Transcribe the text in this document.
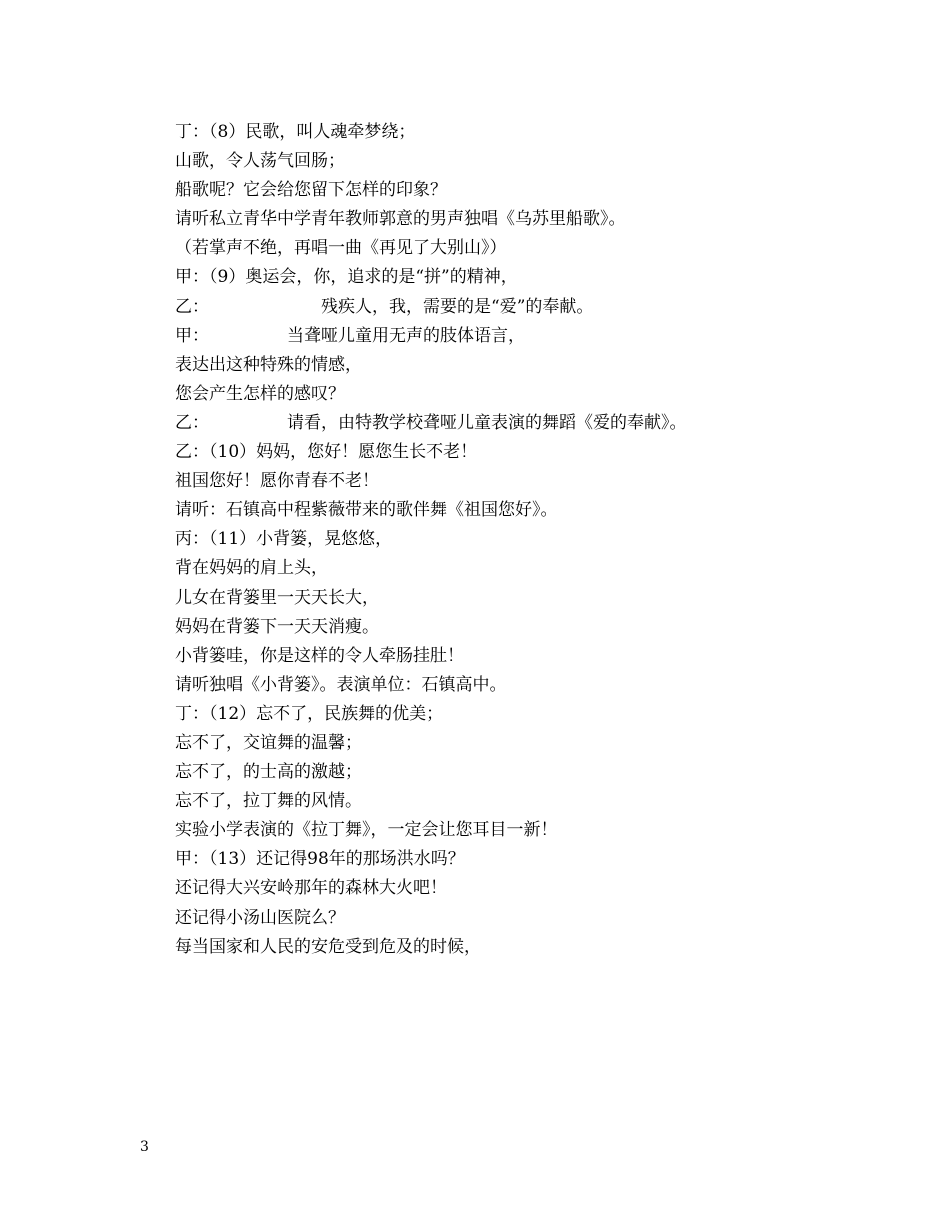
丁：（8）民歌，叫人魂牵梦绕；
山歌，令人荡气回肠；
船歌呢？它会给您留下怎样的印象？
请听私立青华中学青年教师郭意的男声独唱《乌苏里船歌》。
（若掌声不绝，再唱一曲《再见了大别山》）
甲：（9）奥运会，你，追求的是“拼”的精神，
乙：	残疾人，我，需要的是“爱”的奉献。
甲：	当聋哑儿童用无声的肢体语言，
表达出这种特殊的情感，
您会产生怎样的感叹？
乙：	请看，由特教学校聋哑儿童表演的舞蹈《爱的奉献》。
乙：（10）妈妈，您好！愿您生长不老！
祖国您好！愿你青春不老！
请听：石镇高中程紫薇带来的歌伴舞《祖国您好》。
丙：（11）小背篓，晃悠悠，
背在妈妈的肩上头，
儿女在背篓里一天天长大，
妈妈在背篓下一天天消瘦。
小背篓哇，你是这样的令人牵肠挂肚！
请听独唱《小背篓》。表演单位：石镇高中。
丁：（12）忘不了，民族舞的优美；
忘不了，交谊舞的温馨；
忘不了，的士高的激越；
忘不了，拉丁舞的风情。
实验小学表演的《拉丁舞》，一定会让您耳目一新！
甲：（13）还记得98年的那场洪水吗？
还记得大兴安岭那年的森林大火吧！
还记得小汤山医院么？
每当国家和人民的安危受到危及的时候，
3
